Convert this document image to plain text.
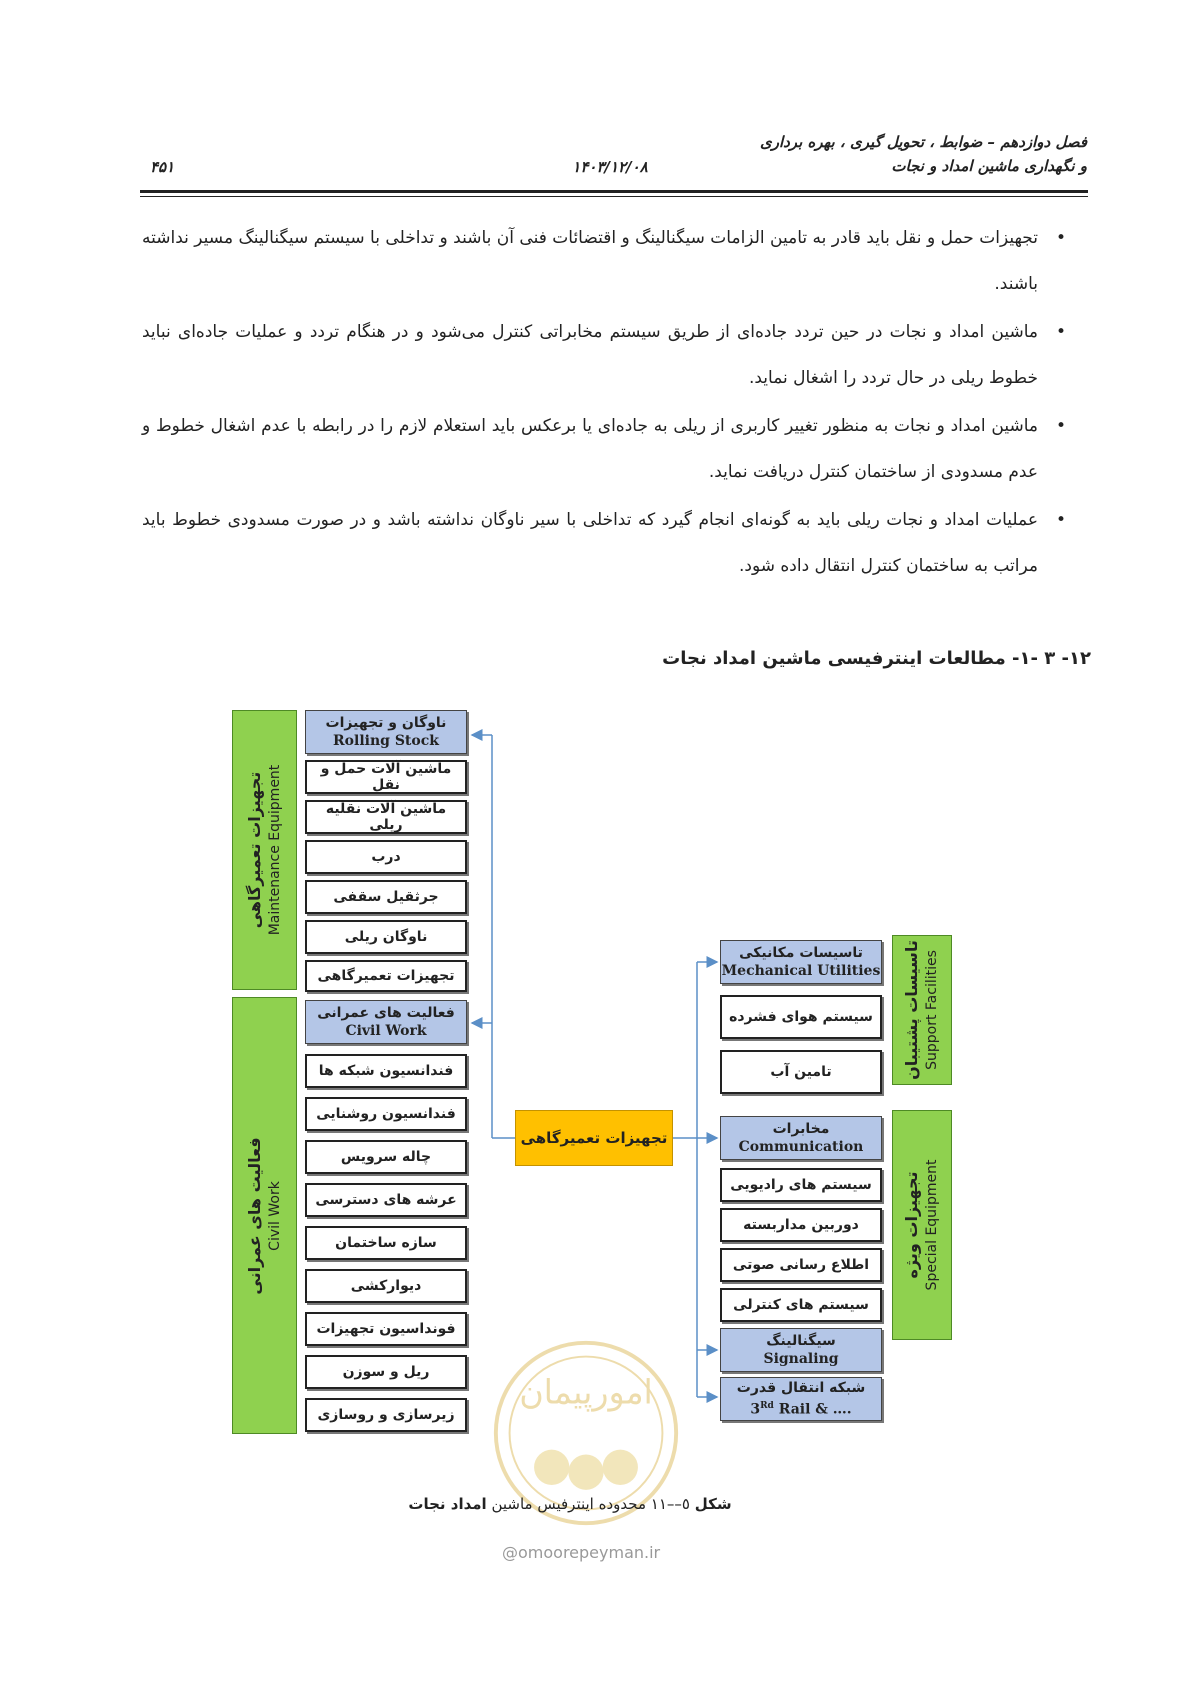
فصل دوازدهم – ضوابط ، تحویل گیری ، بهره برداری
و نگهداری ماشین امداد و نجات
۱۴۰۳/۱۲/۰۸
۴۵۱
•
تجهیزات حمل و نقل باید قادر به تامین الزامات سیگنالینگ و اقتضائات فنی آن باشند و تداخلی با سیستم سیگنالینگ مسیر نداشته باشند.
•
ماشین امداد و نجات در حین تردد جاده‌ای از طریق سیستم مخابراتی کنترل می‌شود و در هنگام تردد و عملیات جاده‌ای نباید خطوط ریلی در حال تردد را اشغال نماید.
•
ماشین امداد و نجات به منظور تغییر کاربری از ریلی به جاده‌ای یا برعکس باید استعلام لازم را در رابطه با عدم اشغال خطوط و عدم مسدودی از ساختمان کنترل دریافت نماید.
•
عملیات امداد و نجات ریلی باید به گونه‌ای انجام گیرد که تداخلی با سیر ناوگان نداشته باشد و در صورت مسدودی خطوط باید مراتب به ساختمان کنترل انتقال داده شود.
۱۲- ۳ -۱- مطالعات اینترفیسی ماشین امداد نجات
تجهیزات تعمیرگاهی Maintenance Equipment
فعالیت های عمرانی Civil Work
تاسیسات پشتیبان Support Facilities
تجهیزات ویژه Special Equipment
ناوگان و تجهیزات
Rolling Stock
ماشین آلات حمل و نقل
ماشین آلات نقلیه ریلی
درب
جرثقیل سقفی
ناوگان ریلی
تجهیزات تعمیرگاهی
فعالیت های عمرانی
Civil Work
فندانسیون شبکه ها
فندانسیون روشنایی
چاله سرویس
عرشه های دسترسی
سازه ساختمان
دیوارکشی
فونداسیون تجهیزات
ریل و سوزن
زیرسازی و روسازی
تجهیزات تعمیرگاهی
تاسیسات مکانیکی
Mechanical Utilities
سیستم هوای فشرده
تامین آب
مخابرات
Communication
سیستم های رادیویی
دوربین مداربسته
اطلاع رسانی صوتی
سیستم های کنترلی
سیگنالینگ
Signaling
شبکه انتقال قدرت
3Rd Rail & ….
امورپیمان
شکل ٥––۱۱ محدوده اینترفیس ماشین امداد نجات
@omoorepeyman.ir
